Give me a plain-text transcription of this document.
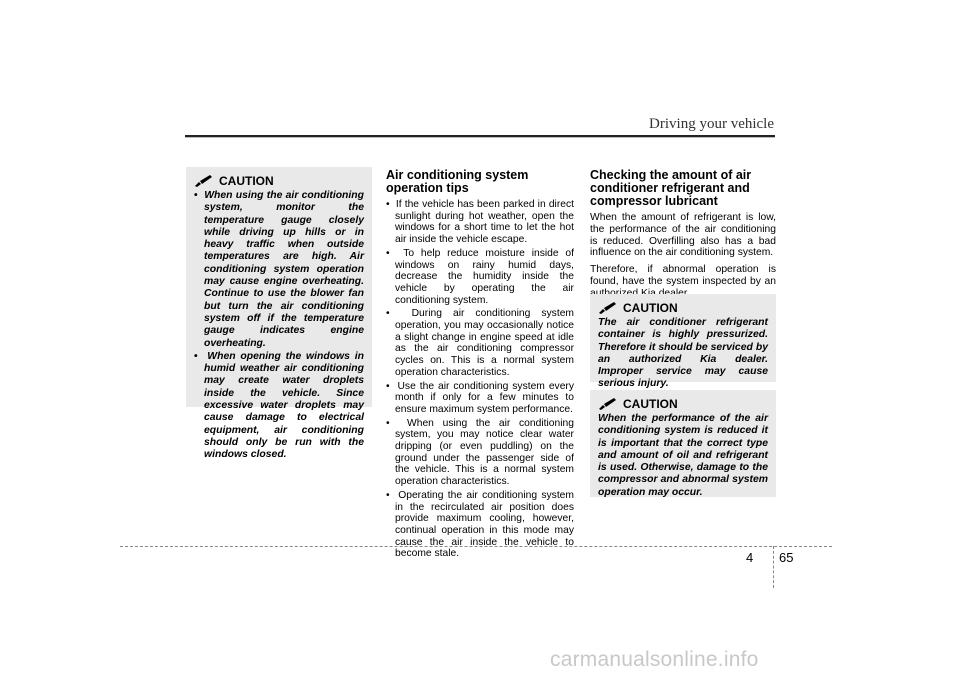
Driving your vehicle
CAUTION
•  When using the air conditioning system, monitor the temperature gauge closely while driving up hills or in heavy traffic when outside temperatures are high. Air conditioning system operation may cause engine overheating. Continue to use the blower fan but turn the air conditioning system off if the temperature gauge indicates engine overheating.
•  When opening the windows in humid weather air conditioning may create water droplets inside the vehicle. Since excessive water droplets may cause damage to electrical equipment, air conditioning should only be run with the windows closed.
Air conditioning system operation tips
•  If the vehicle has been parked in direct sunlight during hot weather, open the windows for a short time to let the hot air inside the vehicle escape.
•  To help reduce moisture inside of windows on rainy humid days, decrease the humidity inside the vehicle by operating the air conditioning system.
•  During air conditioning system operation, you may occasionally notice a slight change in engine speed at idle as the air conditioning compressor cycles on. This is a normal system operation characteristics.
•  Use the air conditioning system every month if only for a few minutes to ensure maximum system performance.
•  When using the air conditioning system, you may notice clear water dripping (or even puddling) on the ground under the passenger side of the vehicle. This is a normal system operation characteristics.
•  Operating the air conditioning system in the recirculated air position does provide maximum cooling, however, continual operation in this mode may cause the air inside the vehicle to become stale.
Checking the amount of air conditioner refrigerant and compressor lubricant

When the amount of refrigerant is low, the performance of the air conditioning is reduced. Overfilling also has a bad influence on the air conditioning system.

Therefore, if abnormal operation is found, have the system inspected by an

CAUTION
The air conditioner refrigerant container is highly pressurized. Therefore it should be serviced by an authorized Kia dealer. Improper service may cause serious injury.
CAUTION
When the performance of the air conditioning system is reduced it is important that the correct type and amount of oil and refrigerant is used. Otherwise, damage to the compressor and abnormal system operation may occur.
4 65
carmanualsonline.info
